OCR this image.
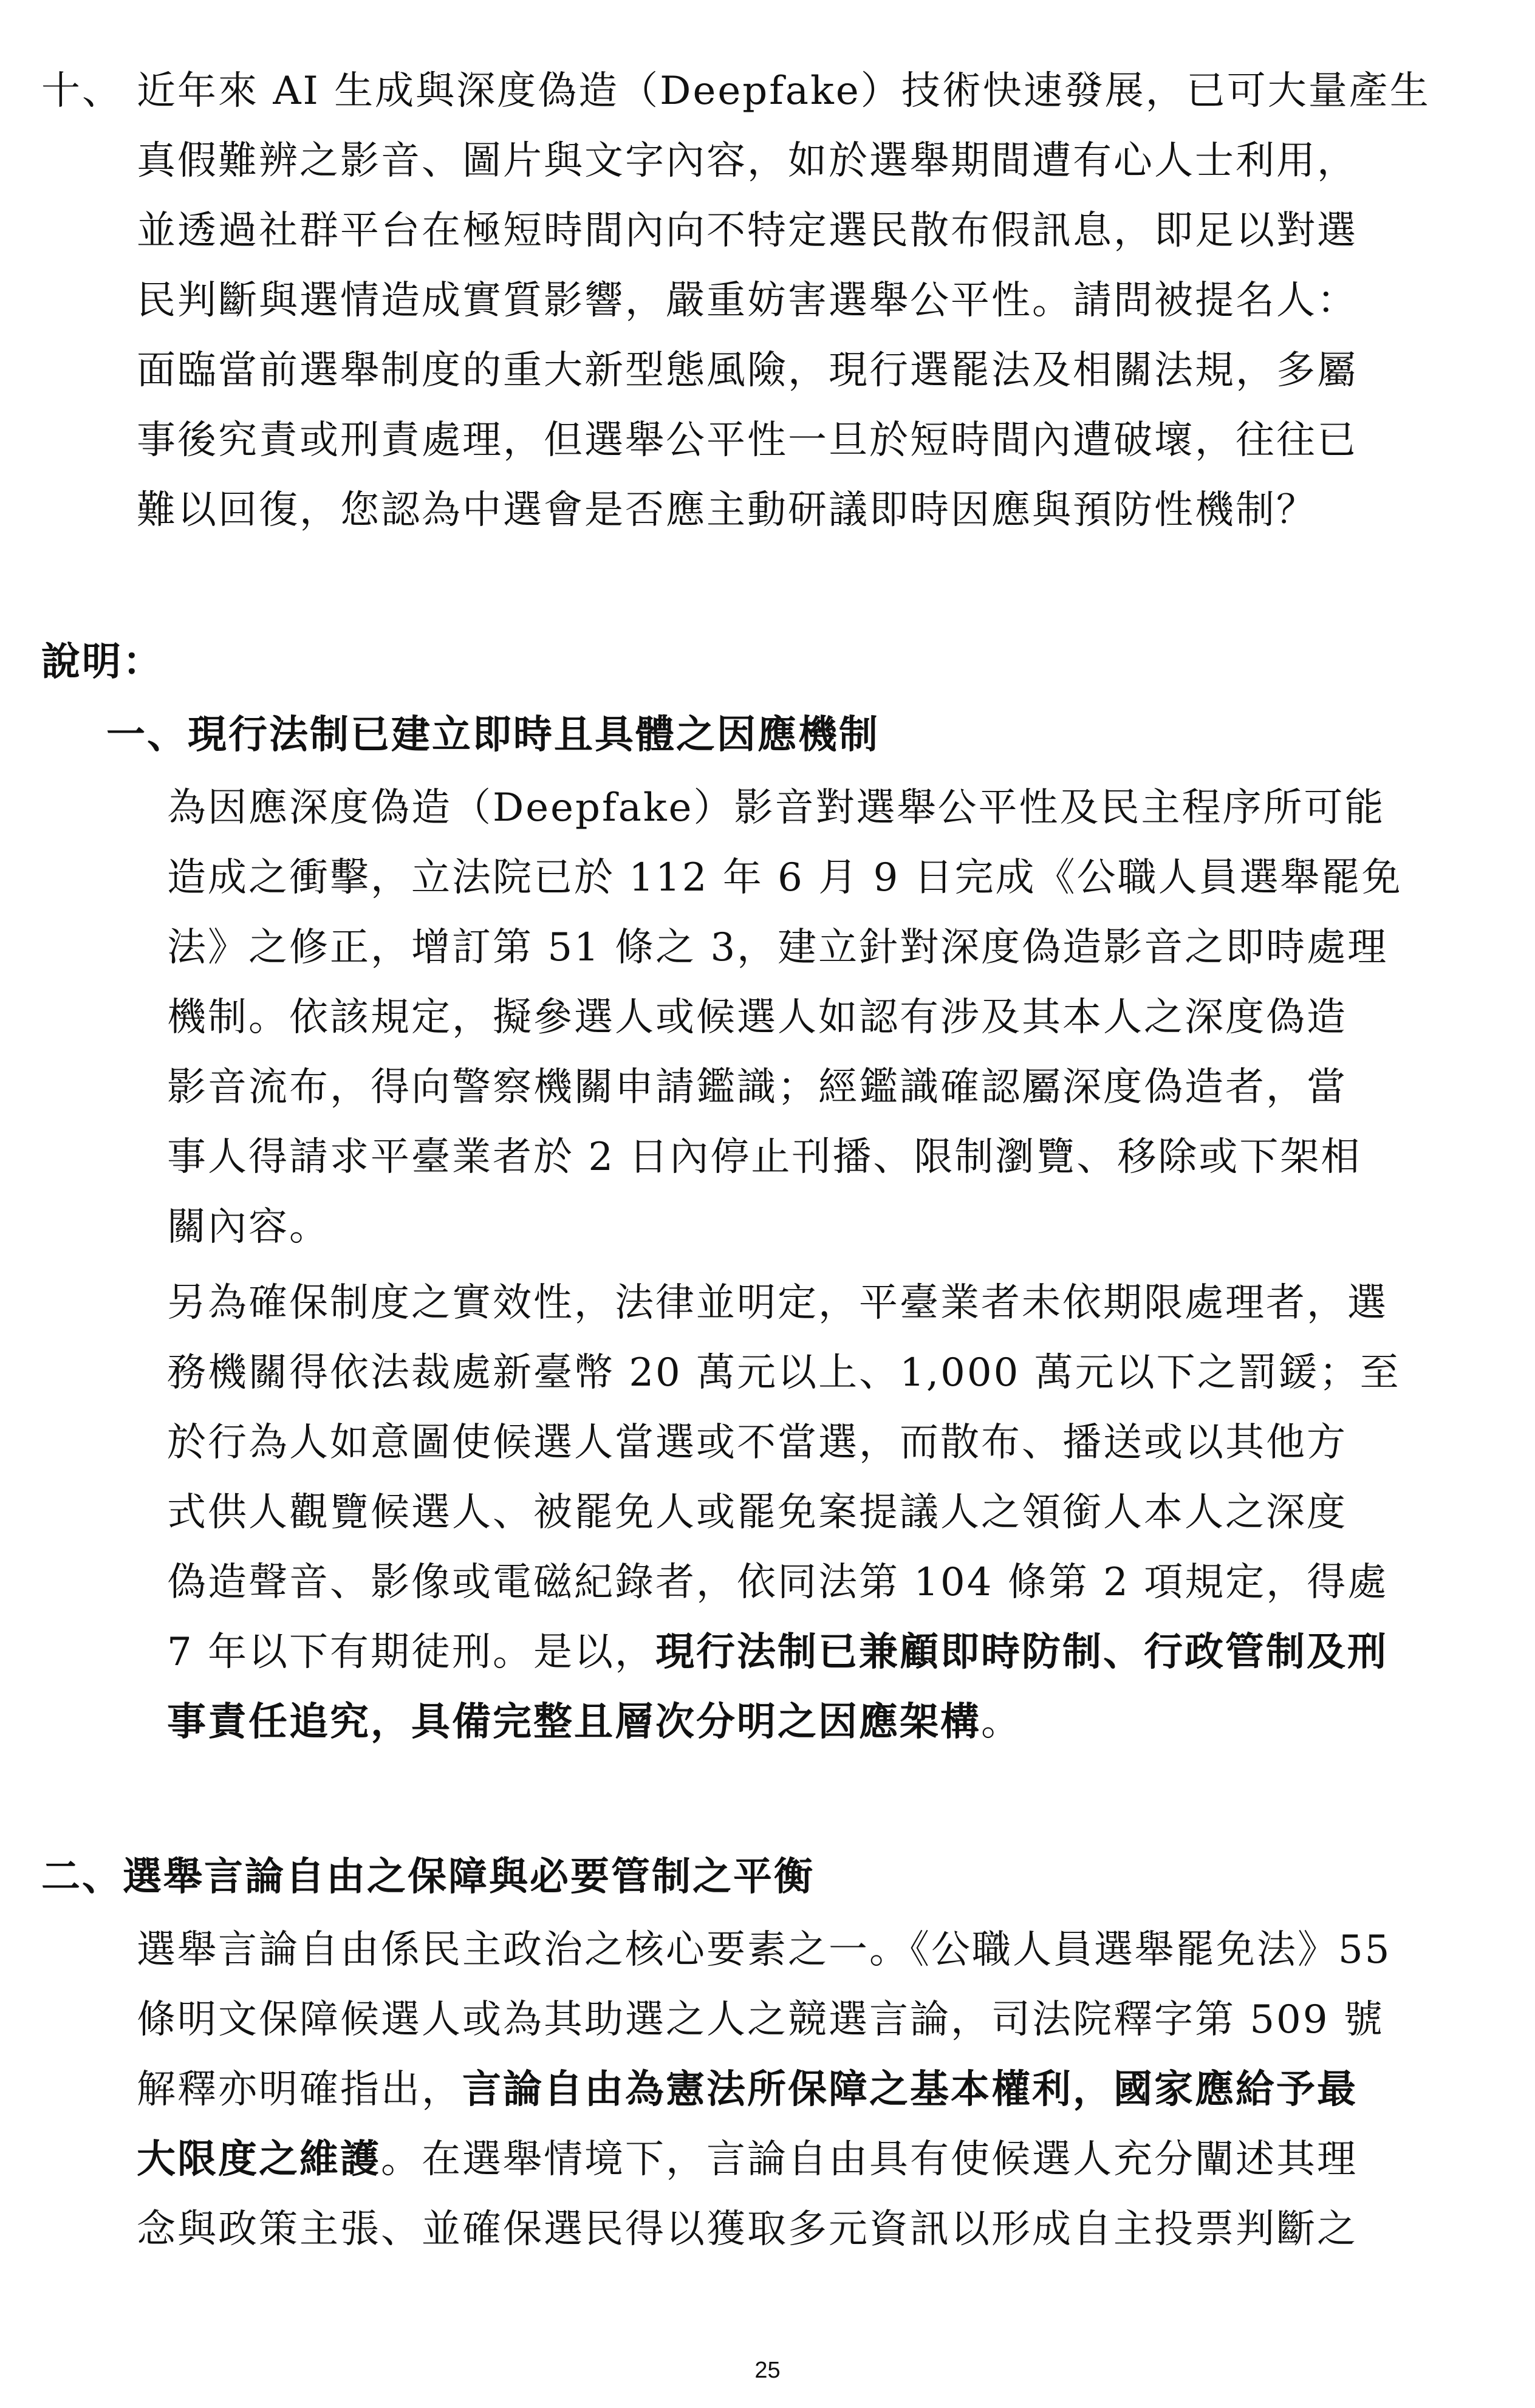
十、 近年來 AI 生成與深度偽造（Deepfake）技術快速發展，已可大量產生

真假難辨之影音、圖片與文字內容，如於選舉期間遭有心人士利用，

並透過社群平台在極短時間內向不特定選民散布假訊息，即足以對選

民判斷與選情造成實質影響，嚴重妨害選舉公平性。請問被提名人：

面臨當前選舉制度的重大新型態風險，現行選罷法及相關法規，多屬

事後究責或刑責處理，但選舉公平性一旦於短時間內遭破壞，往往已

難以回復，您認為中選會是否應主動研議即時因應與預防性機制？

說明：

一、現行法制已建立即時且具體之因應機制

為因應深度偽造（Deepfake）影音對選舉公平性及民主程序所可能

造成之衝擊，立法院已於 112 年 6 月 9 日完成《公職人員選舉罷免

法》之修正，增訂第 51 條之 3，建立針對深度偽造影音之即時處理

機制。依該規定，擬參選人或候選人如認有涉及其本人之深度偽造

影音流布，得向警察機關申請鑑識；經鑑識確認屬深度偽造者，當

事人得請求平臺業者於 2 日內停止刊播、限制瀏覽、移除或下架相

關內容。

另為確保制度之實效性，法律並明定，平臺業者未依期限處理者，選

務機關得依法裁處新臺幣 20 萬元以上、1,000 萬元以下之罰鍰；至

於行為人如意圖使候選人當選或不當選，而散布、播送或以其他方

式供人觀覽候選人、被罷免人或罷免案提議人之領銜人本人之深度

偽造聲音、影像或電磁紀錄者，依同法第 104 條第 2 項規定，得處

7 年以下有期徒刑。是以，現行法制已兼顧即時防制、行政管制及刑

事責任追究，具備完整且層次分明之因應架構。

二、選舉言論自由之保障與必要管制之平衡

選舉言論自由係民主政治之核心要素之一。《公職人員選舉罷免法》55

條明文保障候選人或為其助選之人之競選言論，司法院釋字第 509 號

解釋亦明確指出，言論自由為憲法所保障之基本權利，國家應給予最

大限度之維護。在選舉情境下，言論自由具有使候選人充分闡述其理

念與政策主張、並確保選民得以獲取多元資訊以形成自主投票判斷之

25
